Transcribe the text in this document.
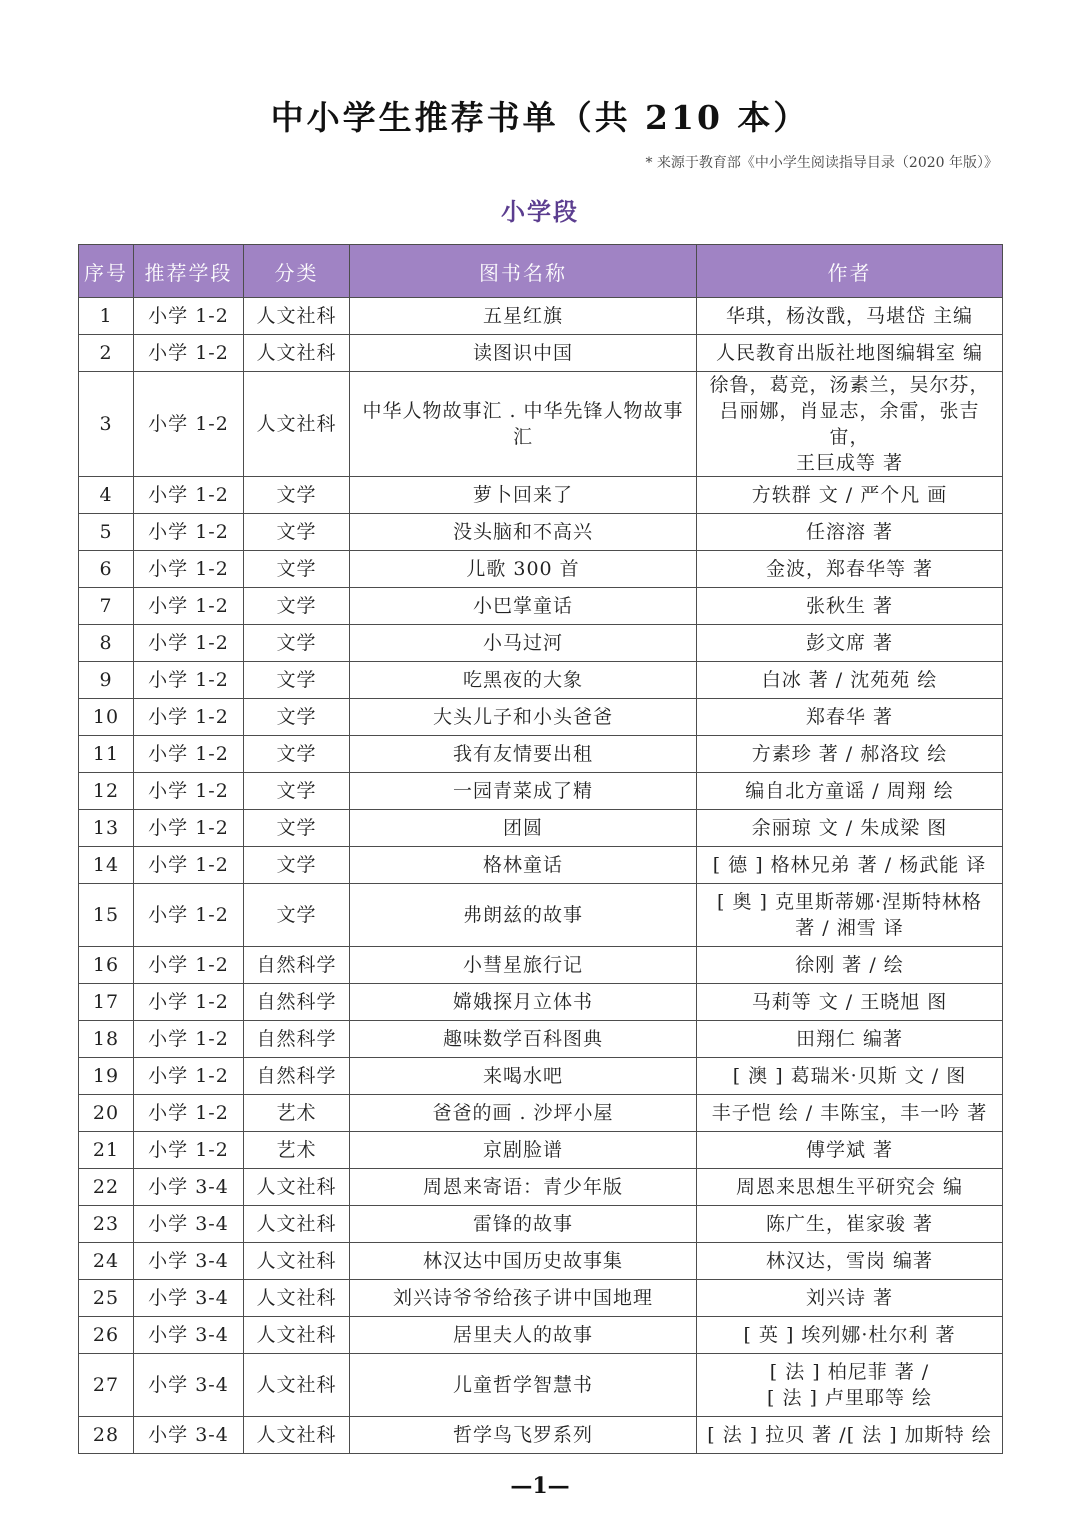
中小学生推荐书单（共 210 本）
* 来源于教育部《中小学生阅读指导目录（2020 年版）》
小学段
序号	推荐学段	分类	图书名称	作者
1	小学 1-2	人文社科	五星红旗	华琪，杨汝戬，马堪岱 主编
2	小学 1-2	人文社科	读图识中国	人民教育出版社地图编辑室 编
3	小学 1-2	人文社科	中华人物故事汇 . 中华先锋人物故事汇	徐鲁，葛竞，汤素兰，吴尔芬，
吕丽娜，肖显志，余雷，张吉宙，
王巨成等 著
4	小学 1-2	文学	萝卜回来了	方轶群 文 / 严个凡 画
5	小学 1-2	文学	没头脑和不高兴	任溶溶 著
6	小学 1-2	文学	儿歌 300 首	金波，郑春华等 著
7	小学 1-2	文学	小巴掌童话	张秋生 著
8	小学 1-2	文学	小马过河	彭文席 著
9	小学 1-2	文学	吃黑夜的大象	白冰 著 / 沈苑苑 绘
10	小学 1-2	文学	大头儿子和小头爸爸	郑春华 著
11	小学 1-2	文学	我有友情要出租	方素珍 著 / 郝洛玟 绘
12	小学 1-2	文学	一园青菜成了精	编自北方童谣 / 周翔 绘
13	小学 1-2	文学	团圆	余丽琼 文 / 朱成梁 图
14	小学 1-2	文学	格林童话	[ 德 ] 格林兄弟 著 / 杨武能 译
15	小学 1-2	文学	弗朗兹的故事	[ 奥 ] 克里斯蒂娜·涅斯特林格
著 / 湘雪 译
16	小学 1-2	自然科学	小彗星旅行记	徐刚 著 / 绘
17	小学 1-2	自然科学	嫦娥探月立体书	马莉等 文 / 王晓旭 图
18	小学 1-2	自然科学	趣味数学百科图典	田翔仁 编著
19	小学 1-2	自然科学	来喝水吧	[ 澳 ] 葛瑞米·贝斯 文 / 图
20	小学 1-2	艺术	爸爸的画 . 沙坪小屋	丰子恺 绘 / 丰陈宝，丰一吟 著
21	小学 1-2	艺术	京剧脸谱	傅学斌 著
22	小学 3-4	人文社科	周恩来寄语：青少年版	周恩来思想生平研究会 编
23	小学 3-4	人文社科	雷锋的故事	陈广生，崔家骏 著
24	小学 3-4	人文社科	林汉达中国历史故事集	林汉达，雪岗 编著
25	小学 3-4	人文社科	刘兴诗爷爷给孩子讲中国地理	刘兴诗 著
26	小学 3-4	人文社科	居里夫人的故事	[ 英 ] 埃列娜·杜尔利 著
27	小学 3-4	人文社科	儿童哲学智慧书	[ 法 ] 柏尼菲 著 /
[ 法 ] 卢里耶等 绘
28	小学 3-4	人文社科	哲学鸟飞罗系列	[ 法 ] 拉贝 著 /[ 法 ] 加斯特 绘
—1—
